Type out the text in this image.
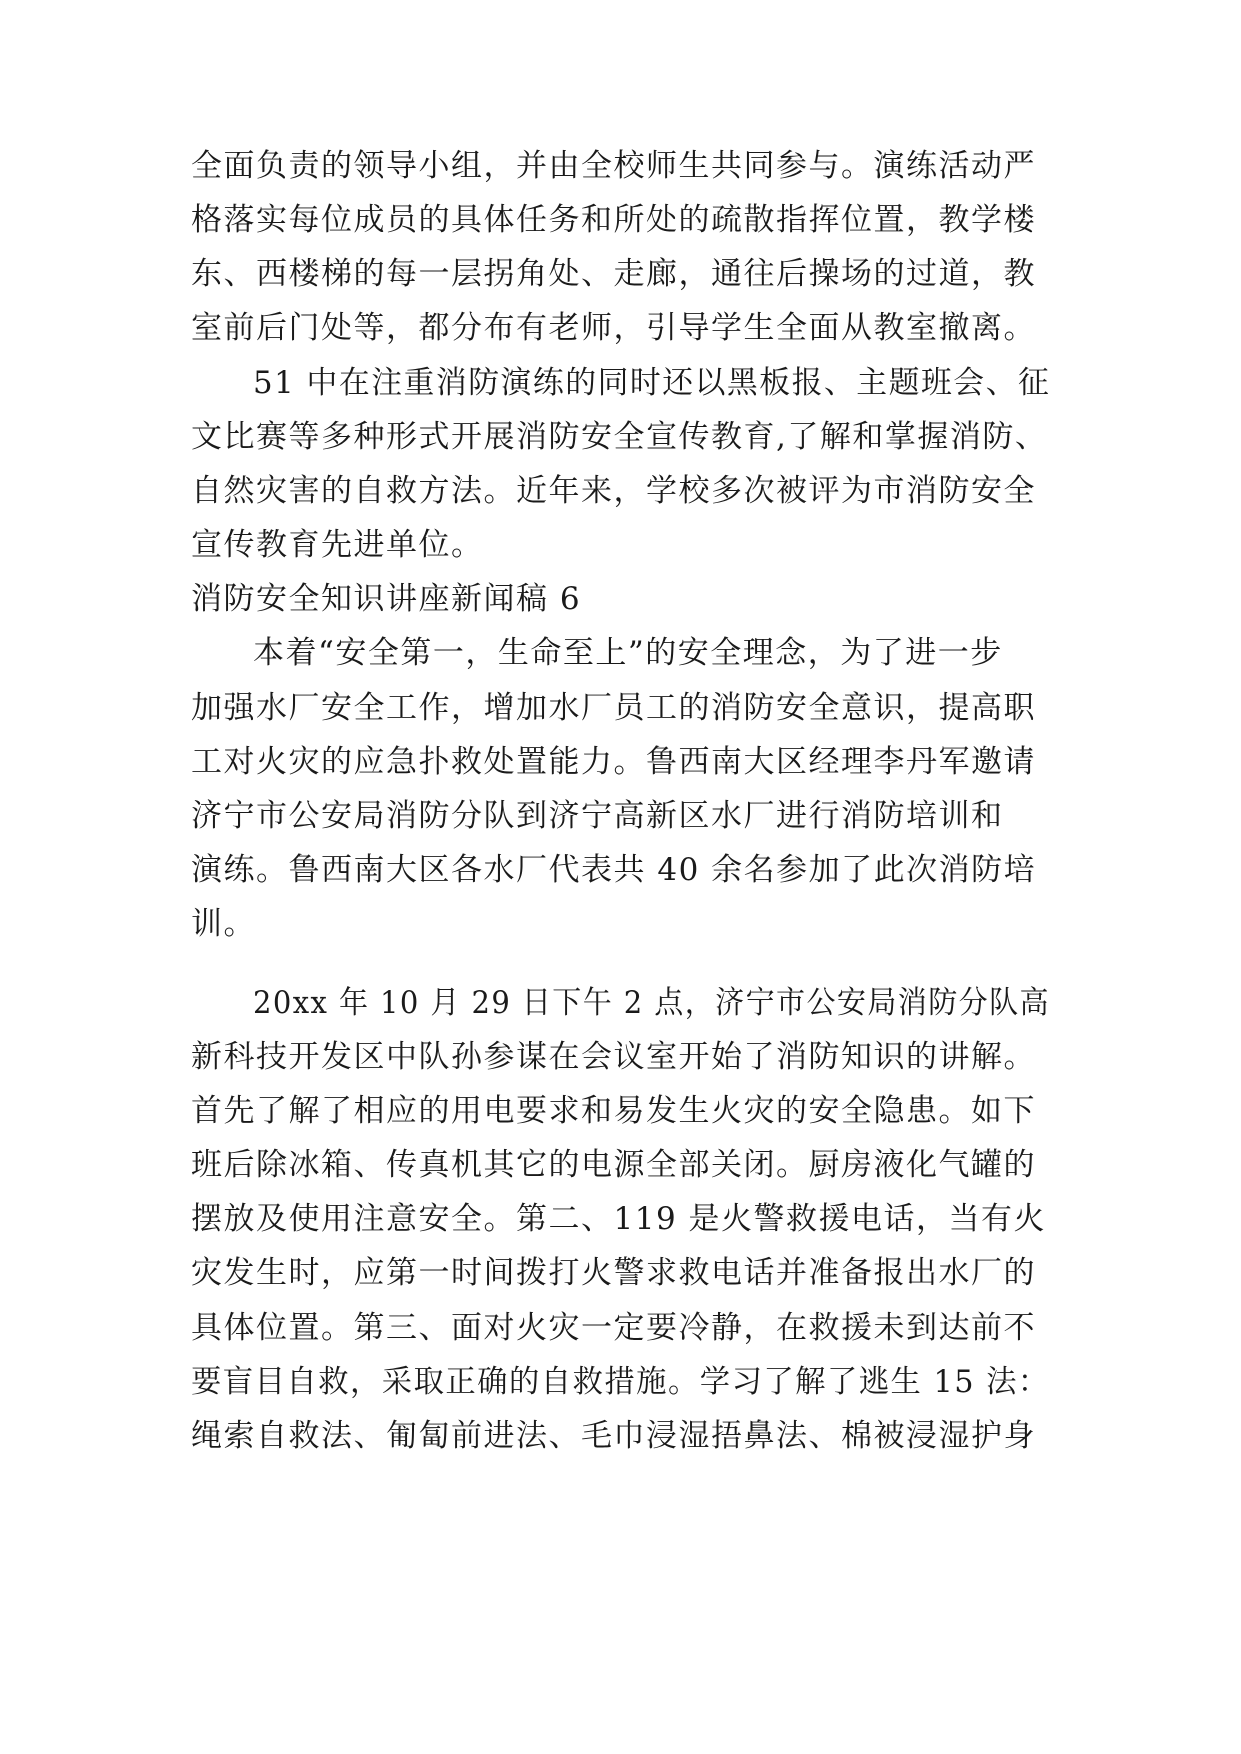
全面负责的领导小组，并由全校师生共同参与。演练活动严
格落实每位成员的具体任务和所处的疏散指挥位置，教学楼
东、西楼梯的每一层拐角处、走廊，通往后操场的过道，教
室前后门处等，都分布有老师，引导学生全面从教室撤离。
51 中在注重消防演练的同时还以黑板报、主题班会、征
文比赛等多种形式开展消防安全宣传教育,了解和掌握消防、
自然灾害的自救方法。近年来，学校多次被评为市消防安全
宣传教育先进单位。
消防安全知识讲座新闻稿 6
本着“安全第一，生命至上”的安全理念，为了进一步
加强水厂安全工作，增加水厂员工的消防安全意识，提高职
工对火灾的应急扑救处置能力。鲁西南大区经理李丹军邀请
济宁市公安局消防分队到济宁高新区水厂进行消防培训和
演练。鲁西南大区各水厂代表共 40 余名参加了此次消防培
训。
20xx 年 10 月 29 日下午 2 点，济宁市公安局消防分队高
新科技开发区中队孙参谋在会议室开始了消防知识的讲解。
首先了解了相应的用电要求和易发生火灾的安全隐患。如下
班后除冰箱、传真机其它的电源全部关闭。厨房液化气罐的
摆放及使用注意安全。第二、119 是火警救援电话，当有火
灾发生时，应第一时间拨打火警求救电话并准备报出水厂的
具体位置。第三、面对火灾一定要冷静，在救援未到达前不
要盲目自救，采取正确的自救措施。学习了解了逃生 15 法：
绳索自救法、匍匐前进法、毛巾浸湿捂鼻法、棉被浸湿护身
